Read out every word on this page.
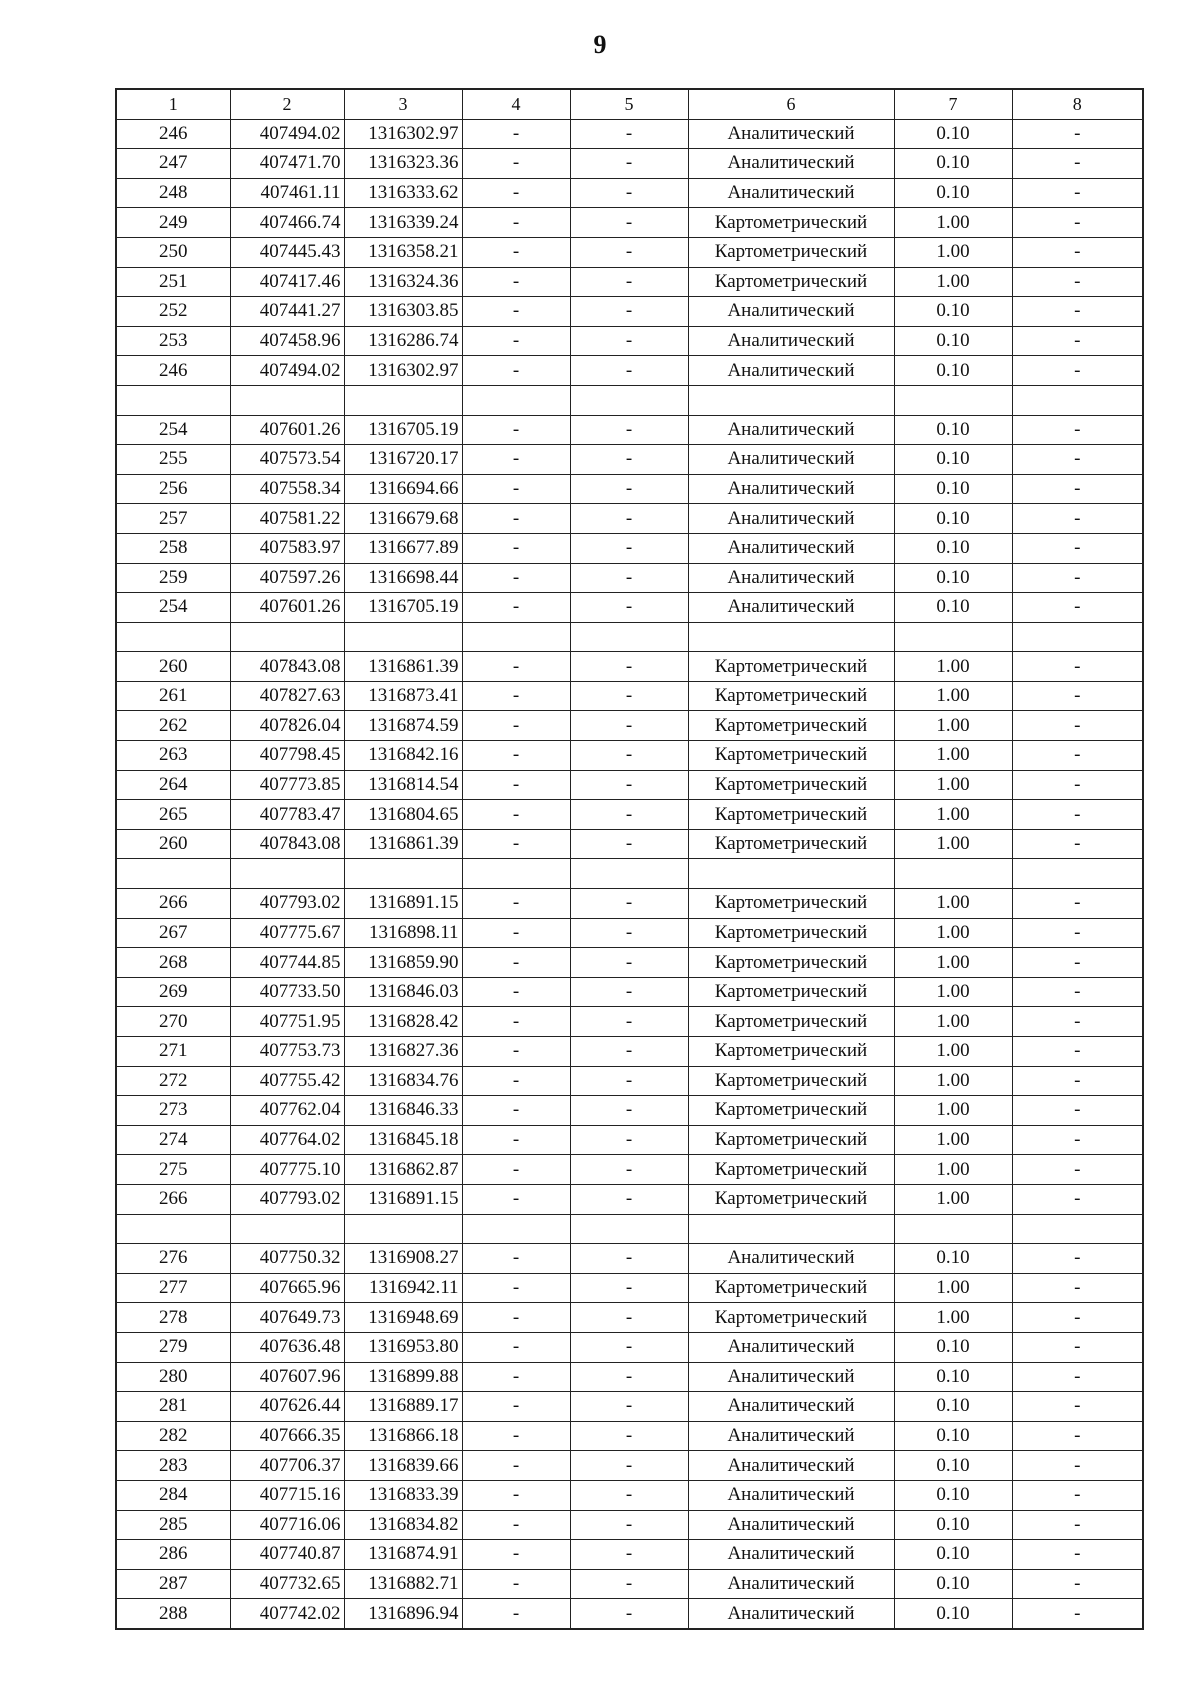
9
1	2	3	4	5	6	7	8
246	407494.02	1316302.97	-	-	Аналитический	0.10	-
247	407471.70	1316323.36	-	-	Аналитический	0.10	-
248	407461.11	1316333.62	-	-	Аналитический	0.10	-
249	407466.74	1316339.24	-	-	Картометрический	1.00	-
250	407445.43	1316358.21	-	-	Картометрический	1.00	-
251	407417.46	1316324.36	-	-	Картометрический	1.00	-
252	407441.27	1316303.85	-	-	Аналитический	0.10	-
253	407458.96	1316286.74	-	-	Аналитический	0.10	-
246	407494.02	1316302.97	-	-	Аналитический	0.10	-

254	407601.26	1316705.19	-	-	Аналитический	0.10	-
255	407573.54	1316720.17	-	-	Аналитический	0.10	-
256	407558.34	1316694.66	-	-	Аналитический	0.10	-
257	407581.22	1316679.68	-	-	Аналитический	0.10	-
258	407583.97	1316677.89	-	-	Аналитический	0.10	-
259	407597.26	1316698.44	-	-	Аналитический	0.10	-
254	407601.26	1316705.19	-	-	Аналитический	0.10	-

260	407843.08	1316861.39	-	-	Картометрический	1.00	-
261	407827.63	1316873.41	-	-	Картометрический	1.00	-
262	407826.04	1316874.59	-	-	Картометрический	1.00	-
263	407798.45	1316842.16	-	-	Картометрический	1.00	-
264	407773.85	1316814.54	-	-	Картометрический	1.00	-
265	407783.47	1316804.65	-	-	Картометрический	1.00	-
260	407843.08	1316861.39	-	-	Картометрический	1.00	-

266	407793.02	1316891.15	-	-	Картометрический	1.00	-
267	407775.67	1316898.11	-	-	Картометрический	1.00	-
268	407744.85	1316859.90	-	-	Картометрический	1.00	-
269	407733.50	1316846.03	-	-	Картометрический	1.00	-
270	407751.95	1316828.42	-	-	Картометрический	1.00	-
271	407753.73	1316827.36	-	-	Картометрический	1.00	-
272	407755.42	1316834.76	-	-	Картометрический	1.00	-
273	407762.04	1316846.33	-	-	Картометрический	1.00	-
274	407764.02	1316845.18	-	-	Картометрический	1.00	-
275	407775.10	1316862.87	-	-	Картометрический	1.00	-
266	407793.02	1316891.15	-	-	Картометрический	1.00	-

276	407750.32	1316908.27	-	-	Аналитический	0.10	-
277	407665.96	1316942.11	-	-	Картометрический	1.00	-
278	407649.73	1316948.69	-	-	Картометрический	1.00	-
279	407636.48	1316953.80	-	-	Аналитический	0.10	-
280	407607.96	1316899.88	-	-	Аналитический	0.10	-
281	407626.44	1316889.17	-	-	Аналитический	0.10	-
282	407666.35	1316866.18	-	-	Аналитический	0.10	-
283	407706.37	1316839.66	-	-	Аналитический	0.10	-
284	407715.16	1316833.39	-	-	Аналитический	0.10	-
285	407716.06	1316834.82	-	-	Аналитический	0.10	-
286	407740.87	1316874.91	-	-	Аналитический	0.10	-
287	407732.65	1316882.71	-	-	Аналитический	0.10	-
288	407742.02	1316896.94	-	-	Аналитический	0.10	-
